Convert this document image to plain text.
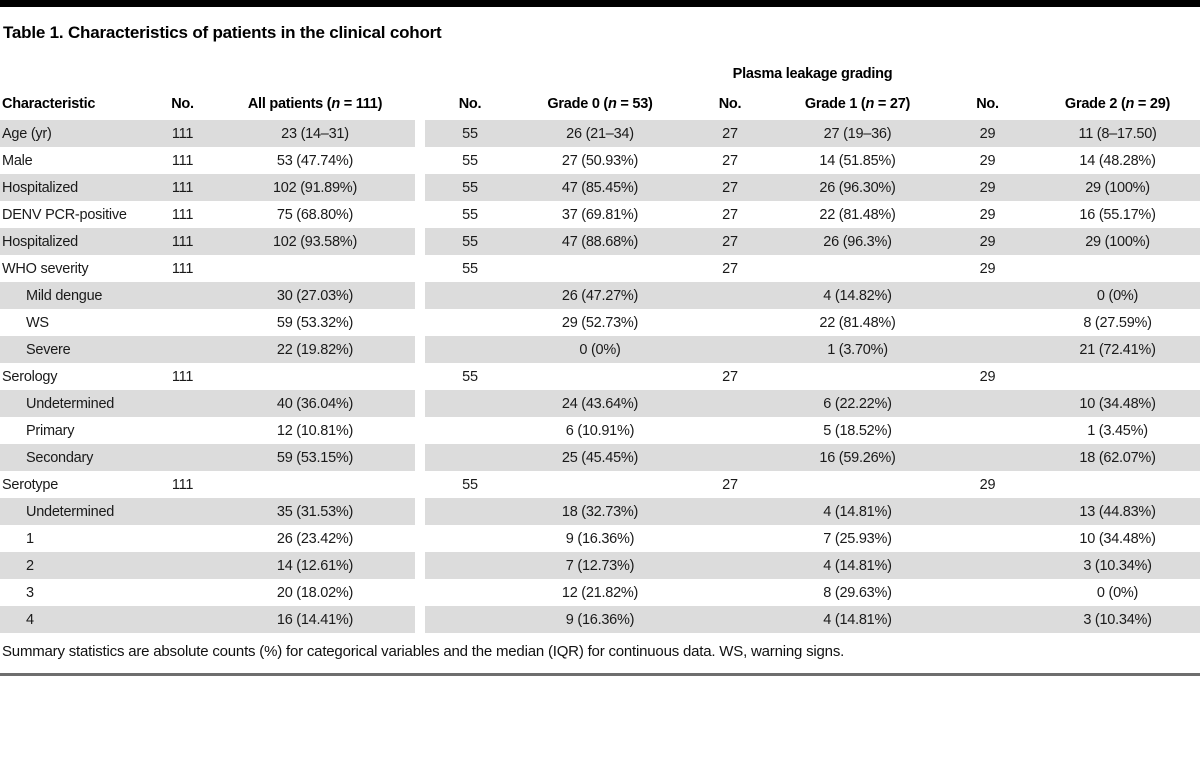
Table 1. Characteristics of patients in the clinical cohort
				Plasma leakage grading					
Characteristic	No.	All patients (n = 111)		No.	Grade 0 (n = 53)	No.	Grade 1 (n = 27)	No.	Grade 2 (n = 29)
Age (yr)	111	23 (14–31)		55	26 (21–34)	27	27 (19–36)	29	11 (8–17.50)
Male	111	53 (47.74%)		55	27 (50.93%)	27	14 (51.85%)	29	14 (48.28%)
Hospitalized	111	102 (91.89%)		55	47 (85.45%)	27	26 (96.30%)	29	29 (100%)
DENV PCR-positive	111	75 (68.80%)		55	37 (69.81%)	27	22 (81.48%)	29	16 (55.17%)
Hospitalized	111	102 (93.58%)		55	47 (88.68%)	27	26 (96.3%)	29	29 (100%)
WHO severity	111			55		27		29	
Mild dengue		30 (27.03%)			26 (47.27%)		4 (14.82%)		0 (0%)
WS		59 (53.32%)			29 (52.73%)		22 (81.48%)		8 (27.59%)
Severe		22 (19.82%)			0 (0%)		1 (3.70%)		21 (72.41%)
Serology	111			55		27		29	
Undetermined		40 (36.04%)			24 (43.64%)		6 (22.22%)		10 (34.48%)
Primary		12 (10.81%)			6 (10.91%)		5 (18.52%)		1 (3.45%)
Secondary		59 (53.15%)			25 (45.45%)		16 (59.26%)		18 (62.07%)
Serotype	111			55		27		29	
Undetermined		35 (31.53%)			18 (32.73%)		4 (14.81%)		13 (44.83%)
1		26 (23.42%)			9 (16.36%)		7 (25.93%)		10 (34.48%)
2		14 (12.61%)			7 (12.73%)		4 (14.81%)		3 (10.34%)
3		20 (18.02%)			12 (21.82%)		8 (29.63%)		0 (0%)
4		16 (14.41%)			9 (16.36%)		4 (14.81%)		3 (10.34%)

Summary statistics are absolute counts (%) for categorical variables and the median (IQR) for continuous data. WS, warning signs.
